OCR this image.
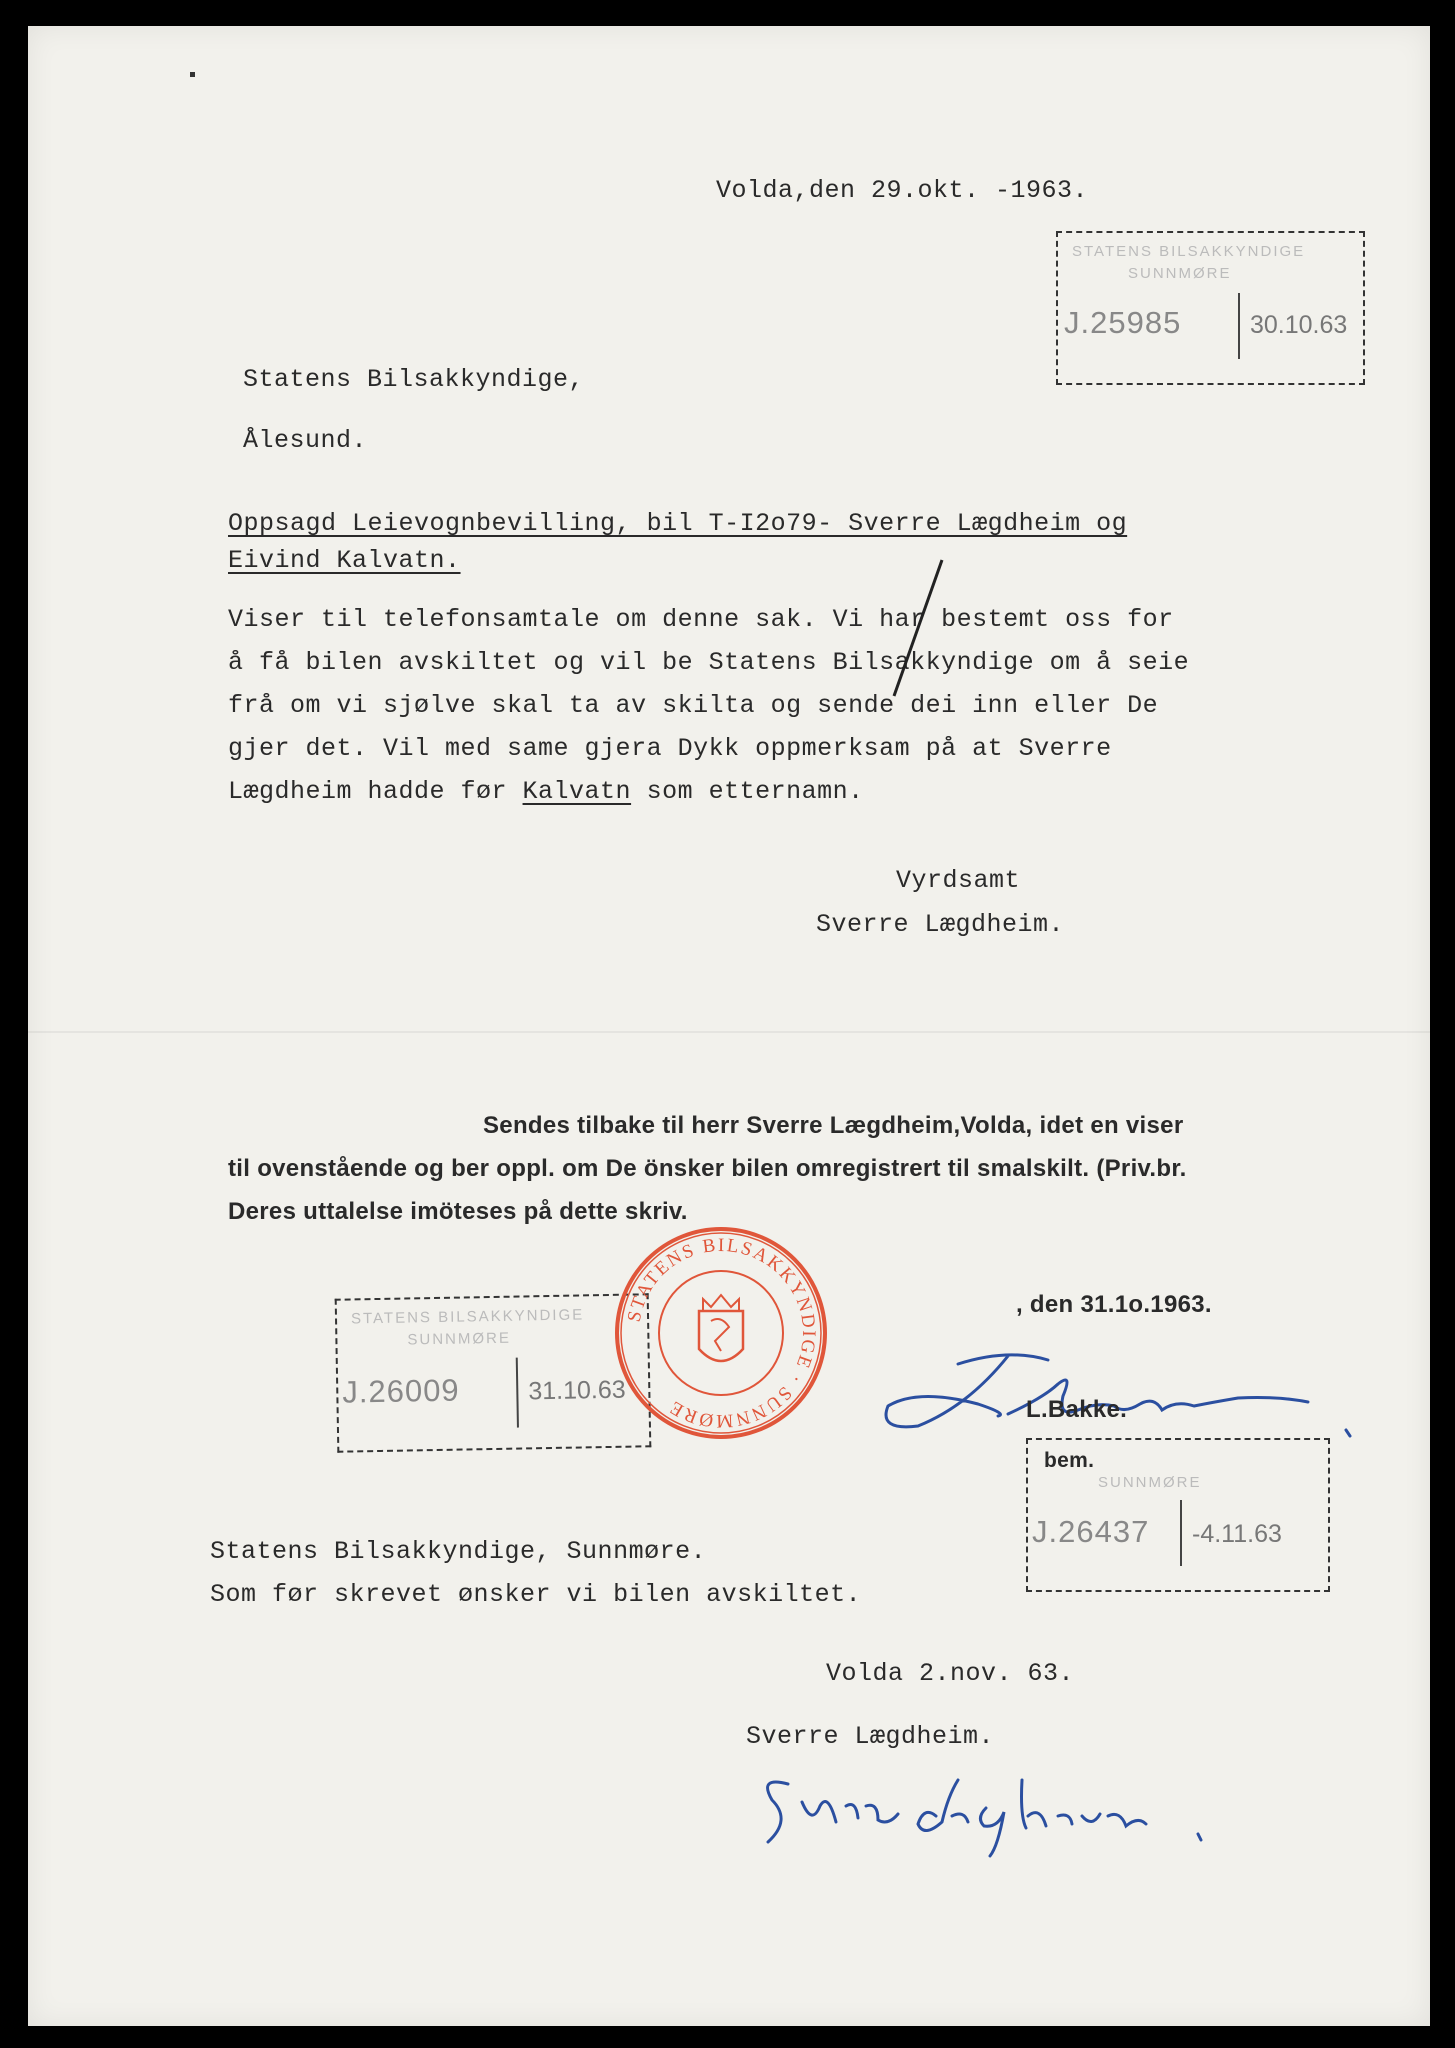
Volda,den 29.okt. -1963.
Statens Bilsakkyndige,
Ålesund.
Oppsagd Leievognbevilling, bil T-I2o79- Sverre Lægdheim og
Eivind Kalvatn.
Viser til telefonsamtale om denne sak. Vi har bestemt oss for
å få bilen avskiltet og vil be Statens Bilsakkyndige om å seie
frå om vi sjølve skal ta av skilta og sende dei inn eller De
gjer det. Vil med same gjera Dykk oppmerksam på at Sverre
Lægdheim hadde før Kalvatn som etternamn.
Vyrdsamt
Sverre Lægdheim.
STATENS BILSAKKYNDIGE
SUNNMØRE
J.25985	30.10.63
Sendes tilbake til herr Sverre Lægdheim,Volda, idet en viser
til ovenstående og ber oppl. om De önsker bilen omregistrert til smalskilt. (Priv.br.
Deres uttalelse imöteses på dette skriv.
, den 31.1o.1963.
STATENS BILSAKKYNDIGE
SUNNMØRE
J.26009	31.10.63
STATENS BILSAKKYNDIGE · SUNNMØRE	L.Bakke.
bem.
SUNNMØRE
J.26437 -4.11.63
Statens Bilsakkyndige, Sunnmøre.
Som før skrevet ønsker vi bilen avskiltet.
Volda 2.nov. 63.
Sverre Lægdheim.
